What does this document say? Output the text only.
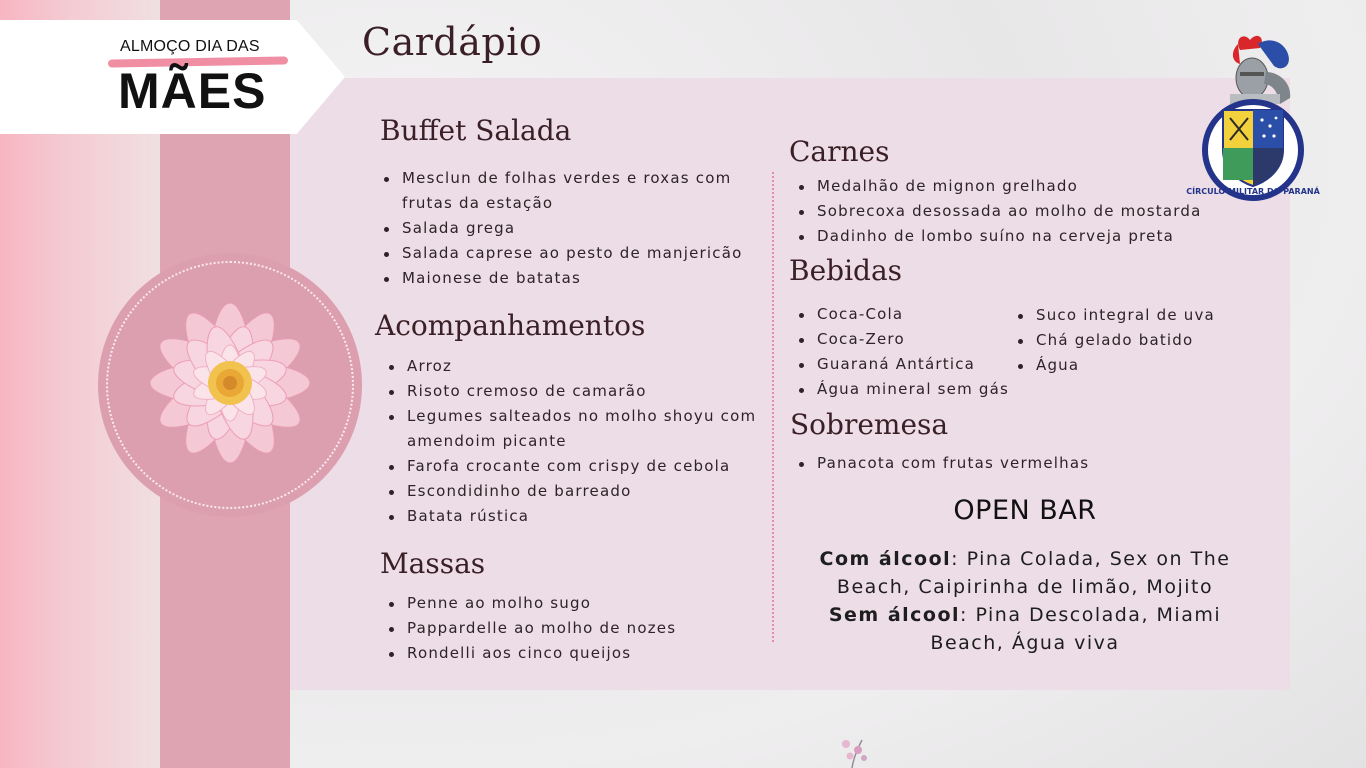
ALMOÇO DIA DAS
MÃES
Cardápio
Buffet Salada
Mesclun de folhas verdes e roxas com frutas da estação
Salada grega
Salada caprese ao pesto de manjericão
Maionese de batatas
Acompanhamentos
Arroz
Risoto cremoso de camarão
Legumes salteados no molho shoyu com amendoim picante
Farofa crocante com crispy de cebola
Escondidinho de barreado
Batata rústica
Massas
Penne ao molho sugo
Pappardelle ao molho de nozes
Rondelli aos cinco queijos
Carnes
Medalhão de mignon grelhado
Sobrecoxa desossada ao molho de mostarda
Dadinho de lombo suíno na cerveja preta
Bebidas
Coca-Cola
Coca-Zero
Guaraná Antártica
Água mineral sem gás
Suco integral de uva
Chá gelado batido
Água
Sobremesa
Panacota com frutas vermelhas
OPEN BAR
Com álcool: Pina Colada, Sex on The Beach, Caipirinha de limão, Mojito
Sem álcool: Pina Descolada, Miami Beach, Água viva
CÍRCULO MILITAR DO PARANÁ
